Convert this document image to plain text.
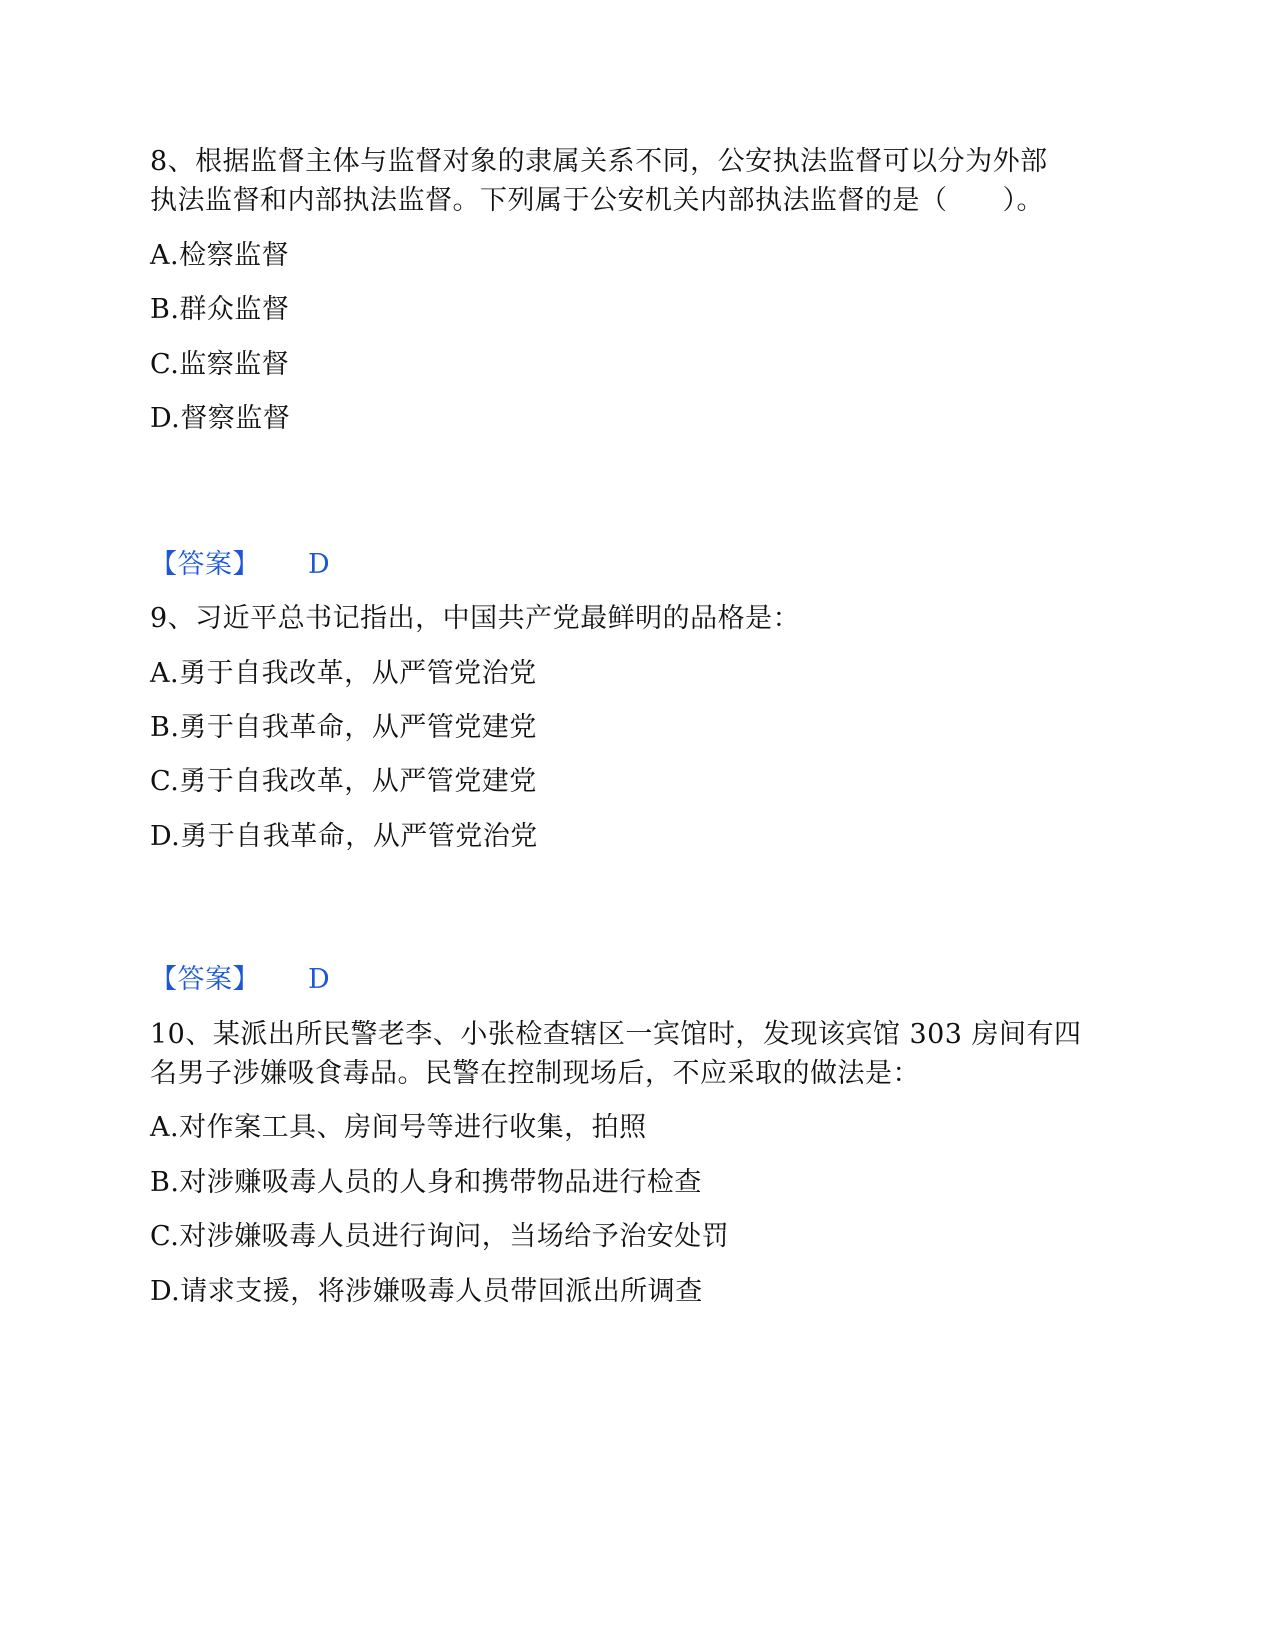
8、根据监督主体与监督对象的隶属关系不同，公安执法监督可以分为外部
执法监督和内部执法监督。下列属于公安机关内部执法监督的是（　　）。
A.检察监督
B.群众监督
C.监察监督
D.督察监督
【答案】 D
9、习近平总书记指出，中国共产党最鲜明的品格是：
A.勇于自我改革，从严管党治党
B.勇于自我革命，从严管党建党
C.勇于自我改革，从严管党建党
D.勇于自我革命，从严管党治党
【答案】 D
10、某派出所民警老李、小张检查辖区一宾馆时，发现该宾馆 303 房间有四
名男子涉嫌吸食毒品。民警在控制现场后，不应采取的做法是：
A.对作案工具、房间号等进行收集，拍照
B.对涉赚吸毒人员的人身和携带物品进行检查
C.对涉嫌吸毒人员进行询问，当场给予治安处罚
D.请求支援，将涉嫌吸毒人员带回派出所调查
